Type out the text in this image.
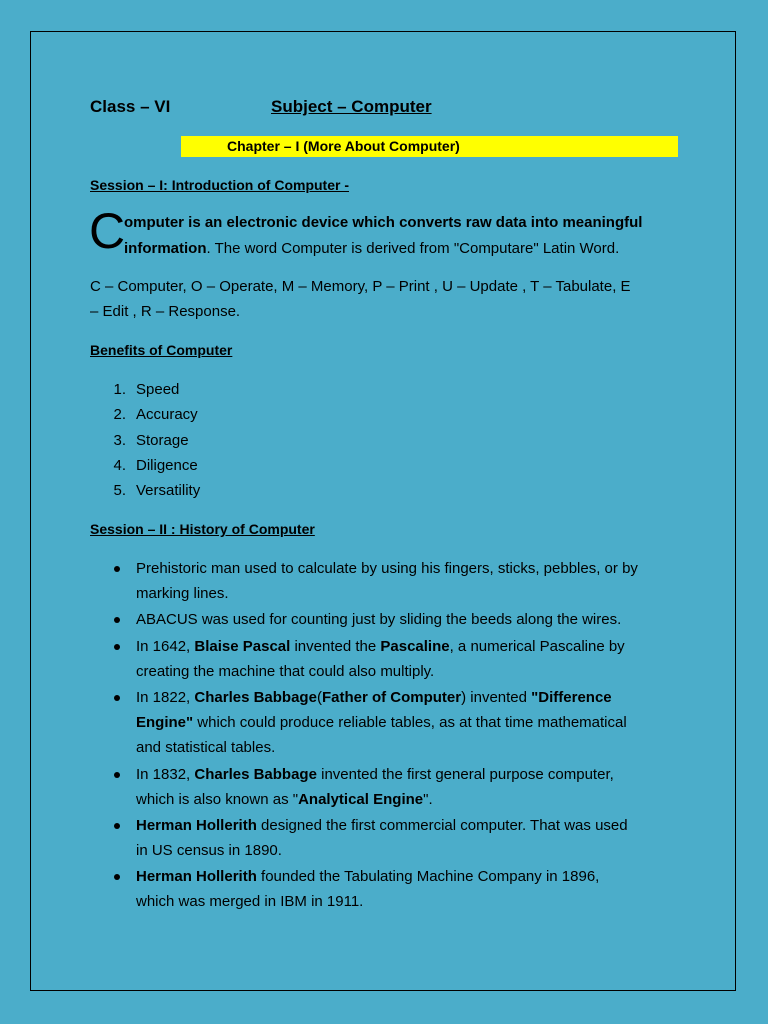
Class – VI	Subject – Computer
Chapter – I (More About Computer)
Session – I: Introduction of Computer -
C
omputer is an electronic device which converts raw data into meaningful
information. The word Computer is derived from "Computare" Latin Word.
C – Computer, O – Operate, M – Memory, P – Print , U – Update , T – Tabulate, E
– Edit , R – Response.
Benefits of Computer
1. Speed
2. Accuracy
3. Storage
4. Diligence
5. Versatility
Session – II : History of Computer
Prehistoric man used to calculate by using his fingers, sticks, pebbles, or by
marking lines.
ABACUS was used for counting just by sliding the beeds along the wires.
In 1642, Blaise Pascal invented the Pascaline, a numerical Pascaline by
creating the machine that could also multiply.
In 1822, Charles Babbage(Father of Computer) invented "Difference
Engine" which could produce reliable tables, as at that time mathematical
and statistical tables.
In 1832, Charles Babbage invented the first general purpose computer,
which is also known as "Analytical Engine".
Herman Hollerith designed the first commercial computer. That was used
in US census in 1890.
Herman Hollerith founded the Tabulating Machine Company in 1896,
which was merged in IBM in 1911.
